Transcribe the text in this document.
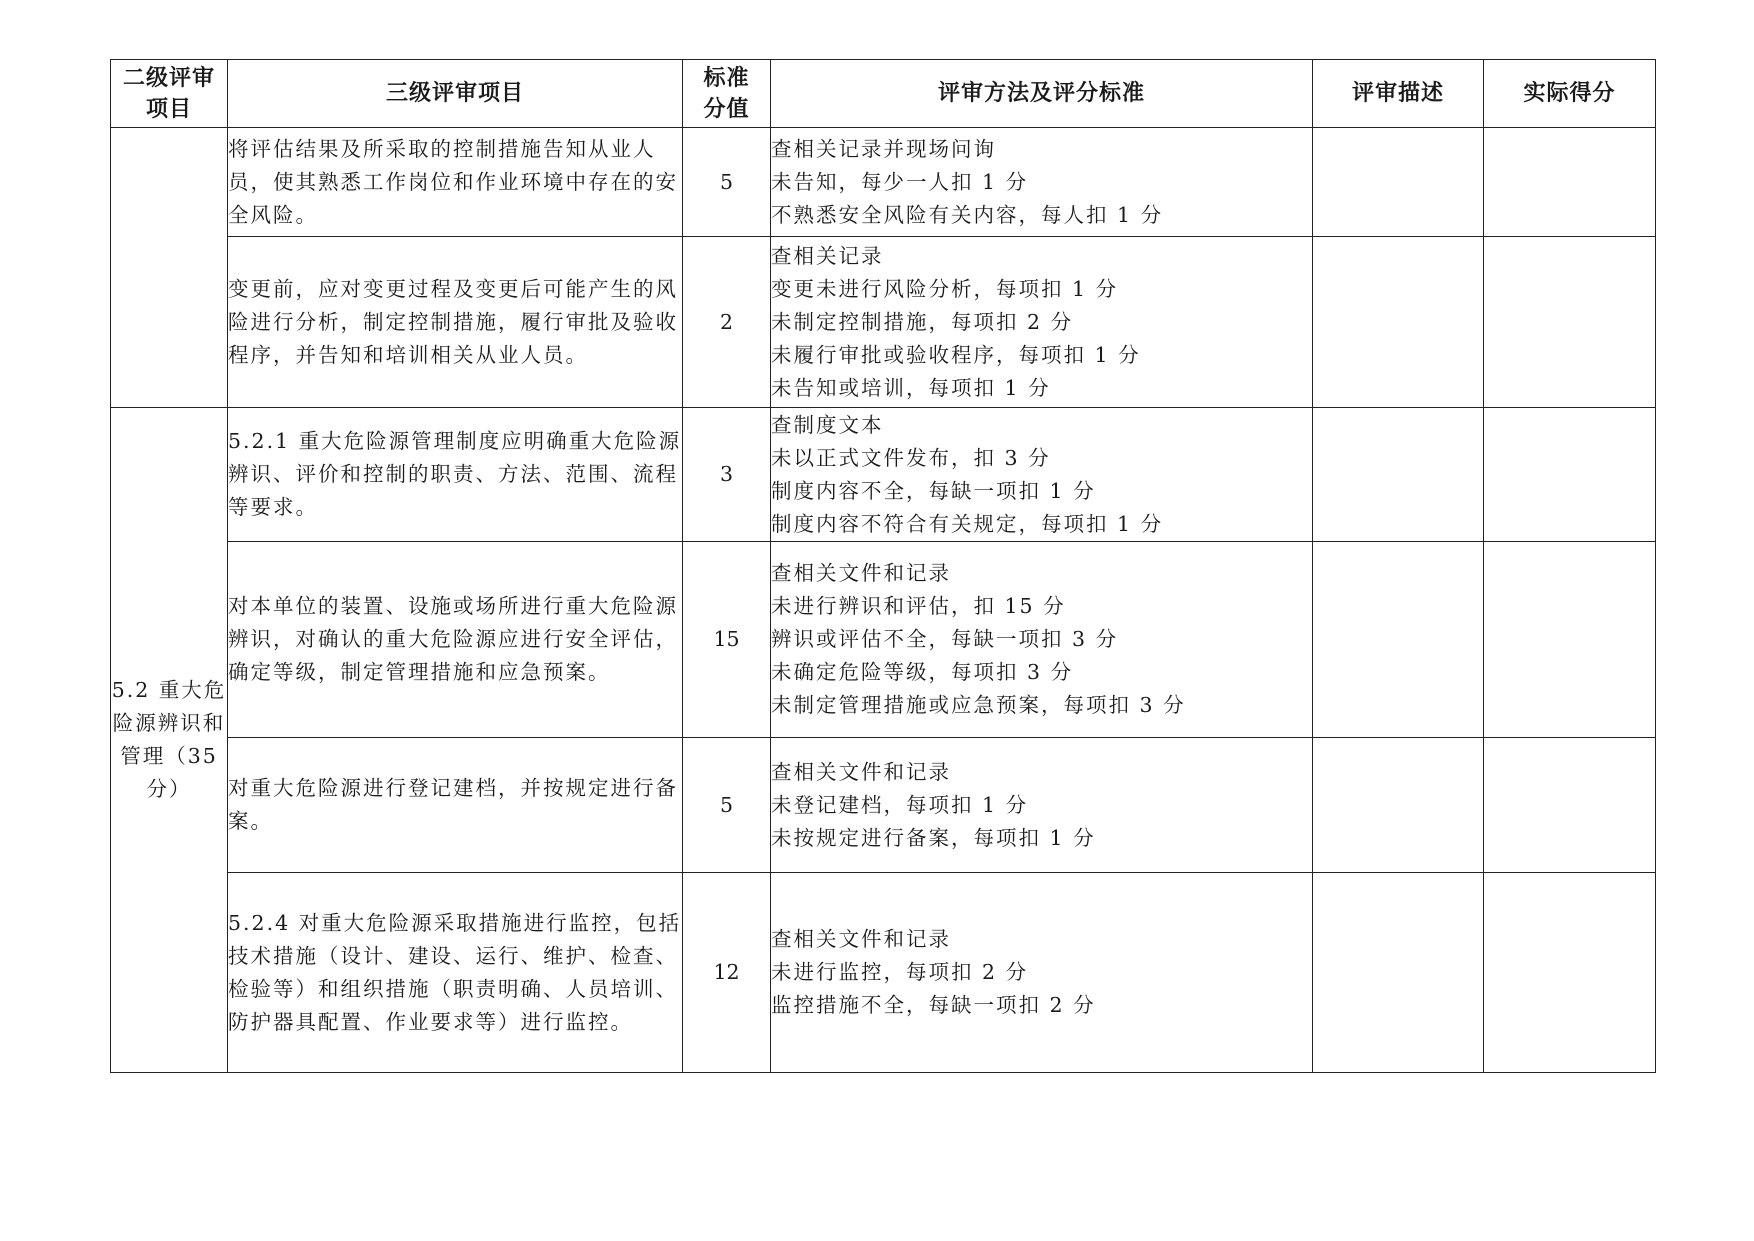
二级评审项目	三级评审项目	标准分值	评审方法及评分标准	评审描述	实际得分
	将评估结果及所采取的控制措施告知从业人员，使其熟悉工作岗位和作业环境中存在的安全风险。	5	查相关记录并现场问询
未告知，每少一人扣 1 分
不熟悉安全风险有关内容，每人扣 1 分		

	变更前，应对变更过程及变更后可能产生的风险进行分析，制定控制措施，履行审批及验收程序，并告知和培训相关从业人员。	2	查相关记录
变更未进行风险分析，每项扣 1 分
未制定控制措施，每项扣 2 分
未履行审批或验收程序，每项扣 1 分
未告知或培训，每项扣 1 分		

5.2 重大危险源辨识和管理（35 分）	5.2.1 重大危险源管理制度应明确重大危险源辨识、评价和控制的职责、方法、范围、流程等要求。	3	查制度文本
未以正式文件发布，扣 3 分
制度内容不全，每缺一项扣 1 分
制度内容不符合有关规定，每项扣 1 分		

	对本单位的装置、设施或场所进行重大危险源辨识，对确认的重大危险源应进行安全评估，确定等级，制定管理措施和应急预案。	15	查相关文件和记录
未进行辨识和评估，扣 15 分
辨识或评估不全，每缺一项扣 3 分
未确定危险等级，每项扣 3 分
未制定管理措施或应急预案，每项扣 3 分		

	对重大危险源进行登记建档，并按规定进行备案。	5	查相关文件和记录
未登记建档，每项扣 1 分
未按规定进行备案，每项扣 1 分		

	5.2.4 对重大危险源采取措施进行监控，包括技术措施（设计、建设、运行、维护、检查、检验等）和组织措施（职责明确、人员培训、防护器具配置、作业要求等）进行监控。	12	查相关文件和记录
未进行监控，每项扣 2 分
监控措施不全，每缺一项扣 2 分		
